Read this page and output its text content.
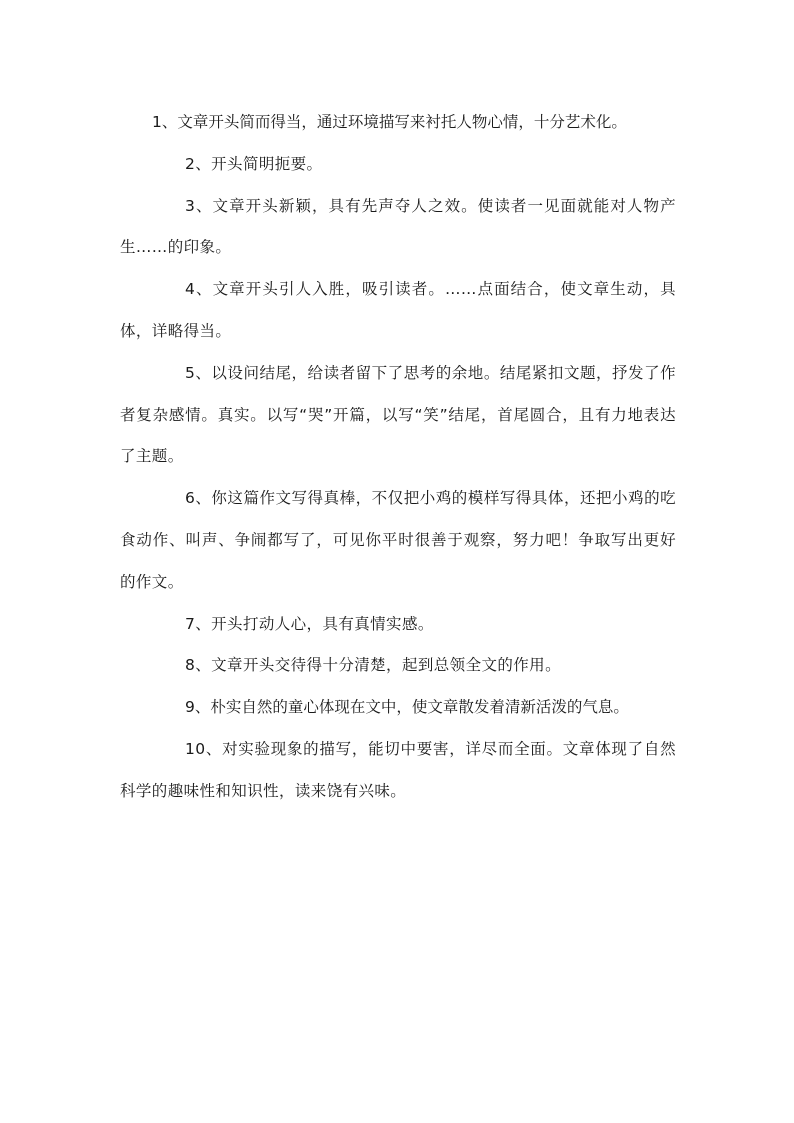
1、文章开头简而得当，通过环境描写来衬托人物心情，十分艺术化。

2、开头简明扼要。

3、文章开头新颖，具有先声夺人之效。使读者一见面就能对人物产生……的印象。

4、文章开头引人入胜，吸引读者。……点面结合，使文章生动，具体，详略得当。

5、以设问结尾，给读者留下了思考的余地。结尾紧扣文题，抒发了作者复杂感情。真实。以写“哭”开篇，以写“笑”结尾，首尾圆合，且有力地表达了主题。

6、你这篇作文写得真棒，不仅把小鸡的模样写得具体，还把小鸡的吃食动作、叫声、争闹都写了，可见你平时很善于观察，努力吧！争取写出更好的作文。

7、开头打动人心，具有真情实感。

8、文章开头交待得十分清楚，起到总领全文的作用。

9、朴实自然的童心体现在文中，使文章散发着清新活泼的气息。

10、对实验现象的描写，能切中要害，详尽而全面。文章体现了自然科学的趣味性和知识性，读来饶有兴味。
